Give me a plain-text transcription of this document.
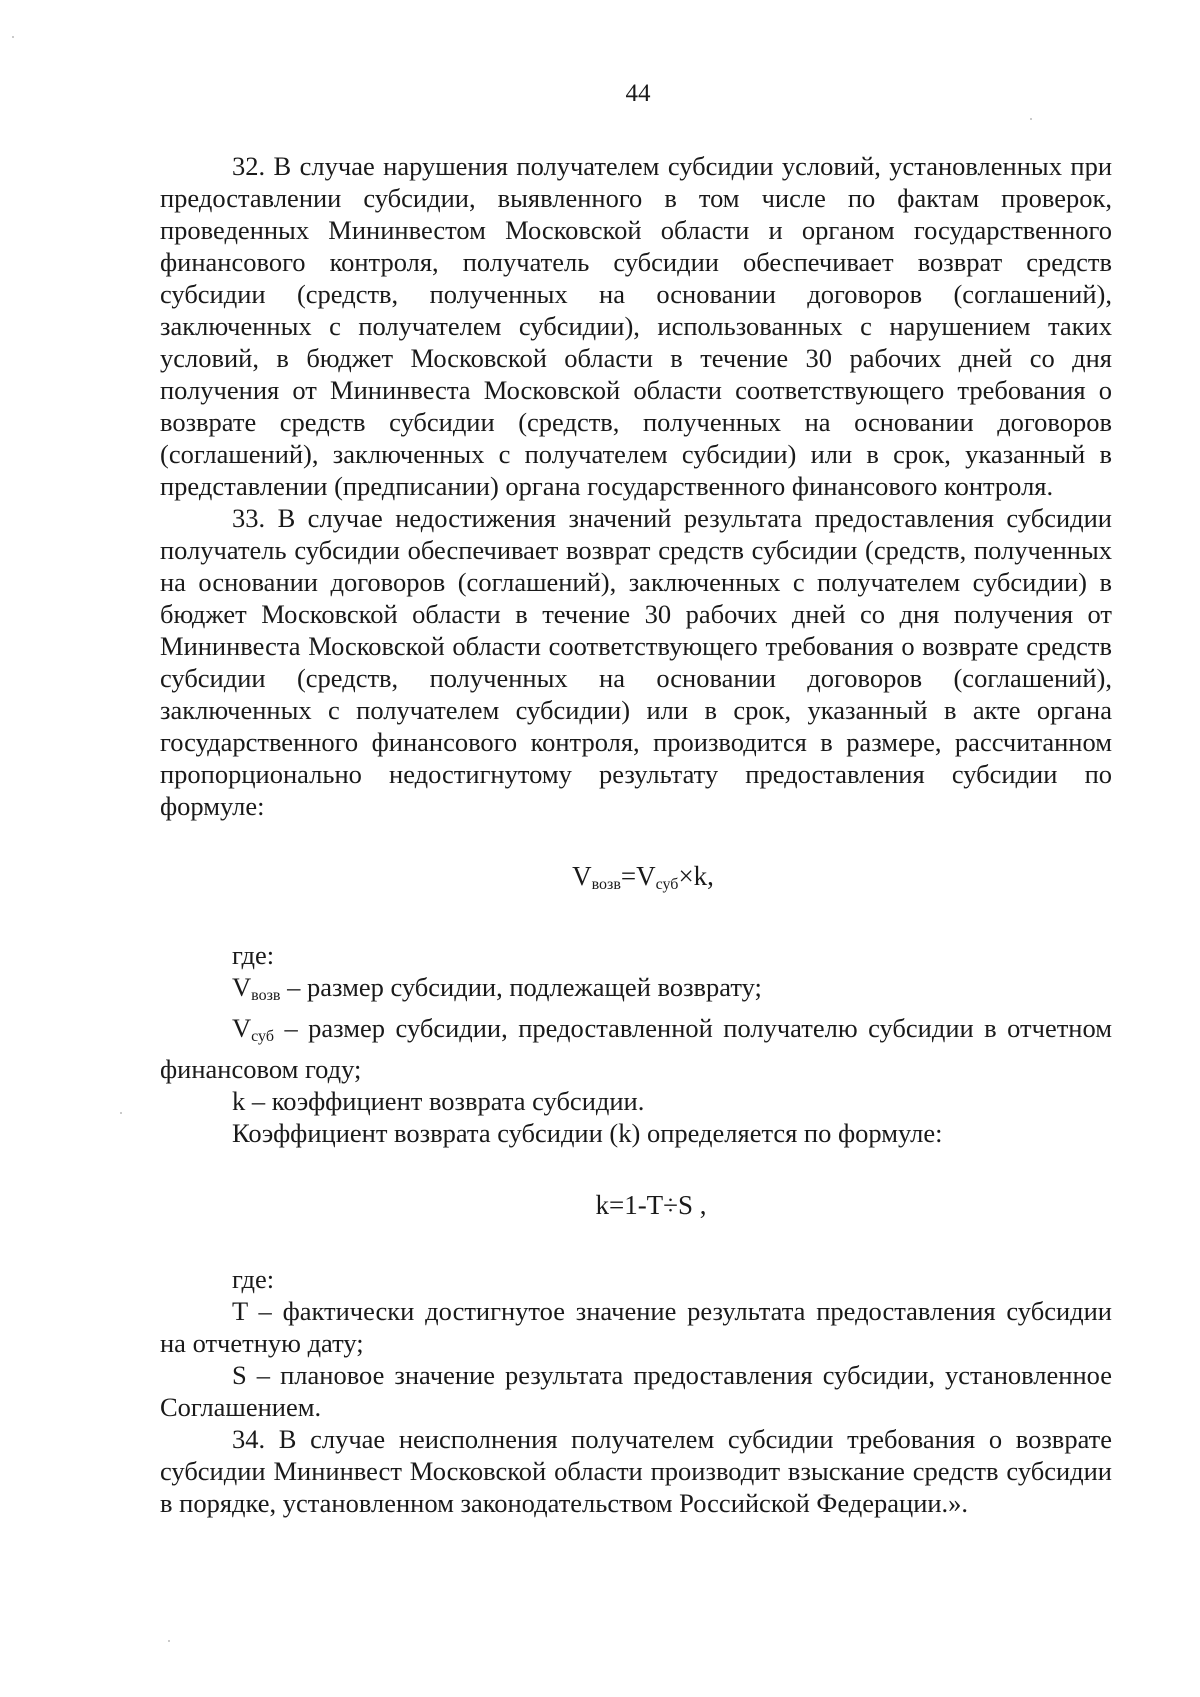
44

32. В случае нарушения получателем субсидии условий, установленных при предоставлении субсидии, выявленного в том числе по фактам проверок, проведенных Мининвестом Московской области и органом государственного финансового контроля, получатель субсидии обеспечивает возврат средств субсидии (средств, полученных на основании договоров (соглашений), заключенных с получателем субсидии), использованных с нарушением таких условий, в бюджет Московской области в течение 30 рабочих дней со дня получения от Мининвеста Московской области соответствующего требования о возврате средств субсидии (средств, полученных на основании договоров (соглашений), заключенных с получателем субсидии) или в срок, указанный в представлении (предписании) органа государственного финансового контроля.

33. В случае недостижения значений результата предоставления субсидии получатель субсидии обеспечивает возврат средств субсидии (средств, полученных на основании договоров (соглашений), заключенных с получателем субсидии) в бюджет Московской области в течение 30 рабочих дней со дня получения от Мининвеста Московской области соответствующего требования о возврате средств субсидии (средств, полученных на основании договоров (соглашений), заключенных с получателем субсидии) или в срок, указанный в акте органа государственного финансового контроля, производится в размере, рассчитанном пропорционально недостигнутому результату предоставления субсидии по формуле:

$V_{возв}=V_{суб}\times k$,

где:

$V_{возв}$ – размер субсидии, подлежащей возврату;

$V_{суб}$ – размер субсидии, предоставленной получателю субсидии в отчетном финансовом году;

k – коэффициент возврата субсидии.

Коэффициент возврата субсидии (k) определяется по формуле:

k=1-T÷S ,

где:

T – фактически достигнутое значение результата предоставления субсидии на отчетную дату;

S – плановое значение результата предоставления субсидии, установленное Соглашением.

34. В случае неисполнения получателем субсидии требования о возврате субсидии Мининвест Московской области производит взыскание средств субсидии в порядке, установленном законодательством Российской Федерации.».
